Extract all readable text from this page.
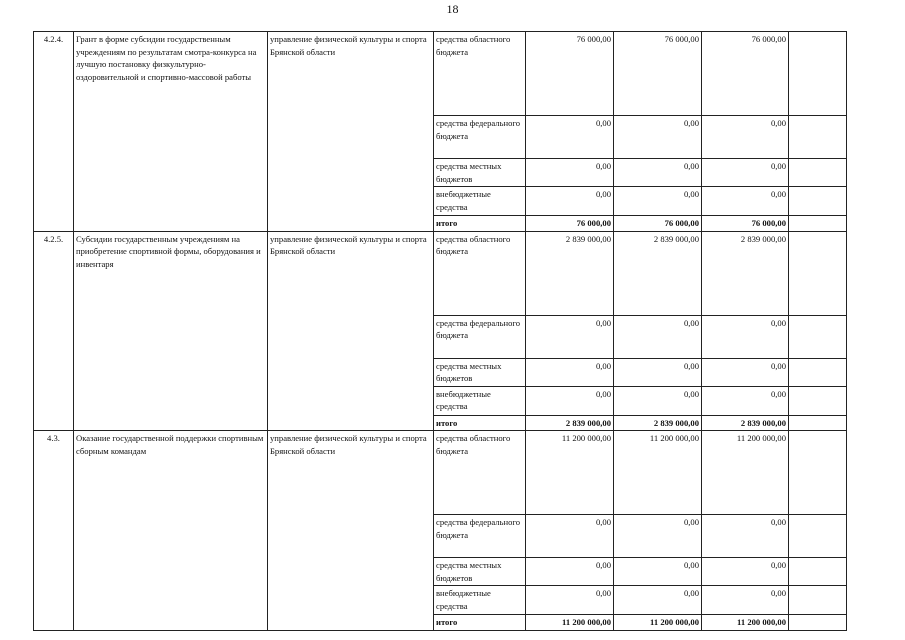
18
4.2.4.	Грант в форме субсидии государственным учреждениям по результатам смотра-конкурса на лучшую постановку физкультурно-оздоровительной и спортивно-массовой работы	управление физической культуры и спорта Брянской области	средства областного бюджета	76 000,00	76 000,00	76 000,00	
			средства федерального бюджета	0,00	0,00	0,00	
			средства местных бюджетов	0,00	0,00	0,00	
			внебюджетные средства	0,00	0,00	0,00	
			итого	76 000,00	76 000,00	76 000,00	
4.2.5.	Субсидии государственным учреждениям на приобретение спортивной формы, оборудования и инвентаря	управление физической культуры и спорта Брянской области	средства областного бюджета	2 839 000,00	2 839 000,00	2 839 000,00	
			средства федерального бюджета	0,00	0,00	0,00	
			средства местных бюджетов	0,00	0,00	0,00	
			внебюджетные средства	0,00	0,00	0,00	
			итого	2 839 000,00	2 839 000,00	2 839 000,00	
4.3.	Оказание государственной поддержки спортивным сборным командам	управление физической культуры и спорта Брянской области	средства областного бюджета	11 200 000,00	11 200 000,00	11 200 000,00	
			средства федерального бюджета	0,00	0,00	0,00	
			средства местных бюджетов	0,00	0,00	0,00	
			внебюджетные средства	0,00	0,00	0,00	
			итого	11 200 000,00	11 200 000,00	11 200 000,00	
